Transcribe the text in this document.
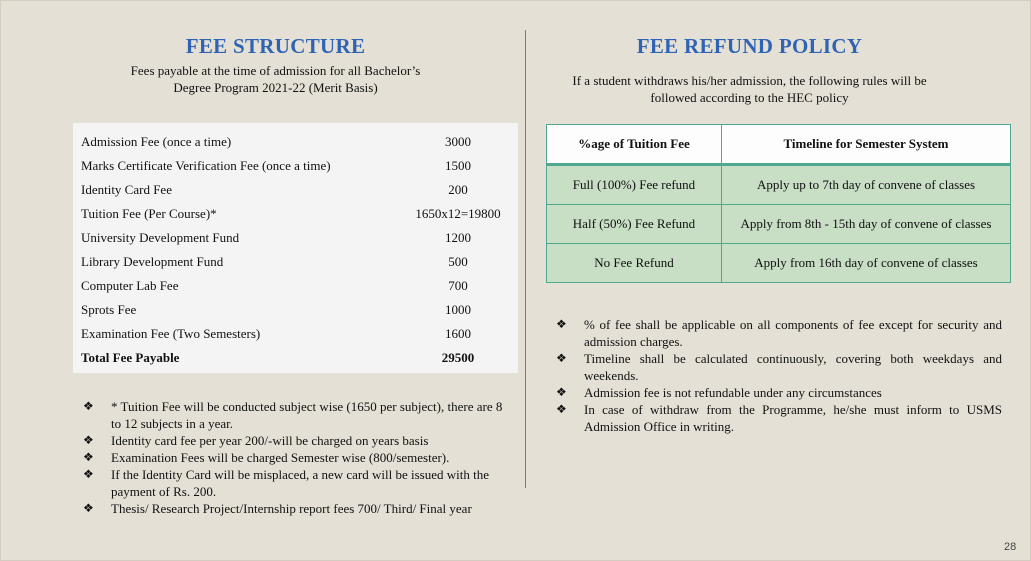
FEE STRUCTURE
Fees payable at the time of admission for all Bachelor’s
Degree Program 2021-22 (Merit Basis)
Admission Fee (once a time)	3000
Marks Certificate Verification Fee (once a time)	1500
Identity Card Fee	200
Tuition Fee (Per Course)*	1650x12=19800
University Development Fund	1200
Library Development Fund	500
Computer Lab Fee	700
Sprots Fee	1000
Examination Fee (Two Semesters)	1600
Total Fee Payable	29500
❖ * Tuition Fee will be conducted subject wise (1650 per subject), there are 8 to 12 subjects in a year.
❖ Identity card fee per year 200/-will be charged on years basis
❖ Examination Fees will be charged Semester wise (800/semester).
❖ If the Identity Card will be misplaced, a new card will be issued with the payment of Rs. 200.
❖ Thesis/ Research Project/Internship report fees 700/ Third/ Final year
FEE REFUND POLICY
If a student withdraws his/her admission, the following rules will be
followed according to the HEC policy
%age of Tuition Fee	Timeline for Semester System
Full (100%) Fee refund	Apply up to 7th day of convene of classes
Half (50%) Fee Refund	Apply from 8th - 15th day of convene of classes
No Fee Refund	Apply from 16th day of convene of classes
❖ % of fee shall be applicable on all components of fee except for security and admission charges.
❖ Timeline shall be calculated continuously, covering both weekdays and weekends.
❖ Admission fee is not refundable under any circumstances
❖ In case of withdraw from the Programme, he/she must inform to USMS Admission Office in writing.
28
